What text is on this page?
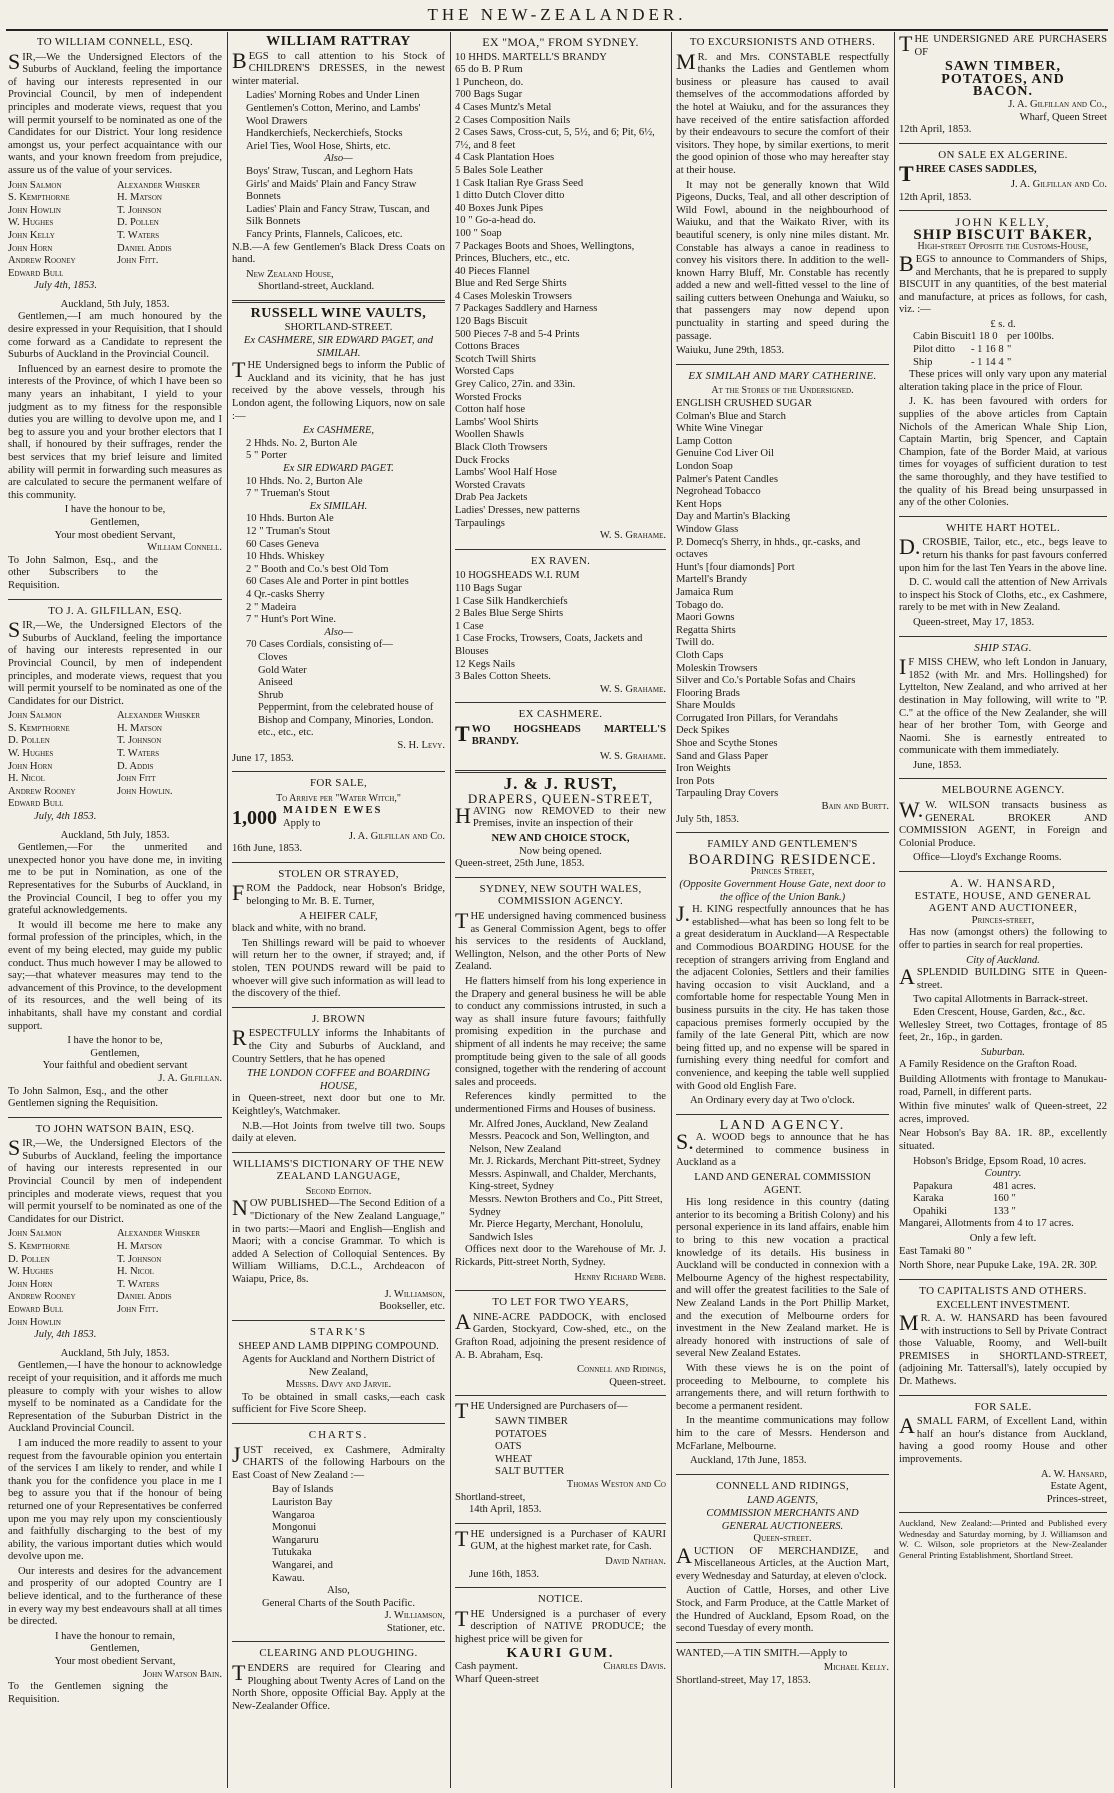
THE NEW-ZEALANDER.
TO WILLIAM CONNELL, ESQ.
SIR,—We the Undersigned Electors of the Suburbs of Auckland, feeling the importance of having our interests represented in our Provincial Council, by men of independent principles and moderate views, request that you will permit yourself to be nominated as one of the Candidates for our District. Your long residence amongst us, your perfect acquaintance with our wants, and your known freedom from prejudice, assure us of the value of your services.
John Salmon	Alexander Whisker
S. Kempthorne	H. Matson
John Howlin	T. Johnson
W. Hughes	D. Pollen
John Kelly	T. Waters
John Horn	Daniel Addis
Andrew Rooney	John Fitt.
Edward Bull
July 4th, 1853.
Auckland, 5th July, 1853.
Gentlemen,—I am much honoured by the desire expressed in your Requisition, that I should come forward as a Candidate to represent the Suburbs of Auckland in the Provincial Council.
Influenced by an earnest desire to promote the interests of the Province, of which I have been so many years an inhabitant, I yield to your judgment as to my fitness for the responsible duties you are willing to devolve upon me, and I beg to assure you and your brother electors that I shall, if honoured by their suffrages, render the best services that my brief leisure and limited ability will permit in forwarding such measures as are calculated to secure the permanent welfare of this community.
I have the honour to be,
Gentlemen,
Your most obedient Servant,
William Connell.
To John Salmon, Esq., and the other Subscribers to the Requisition.
TO J. A. GILFILLAN, ESQ.
SIR,—We, the Undersigned Electors of the Suburbs of Auckland, feeling the importance of having our interests represented in our Provincial Council, by men of independent principles, and moderate views, request that you will permit yourself to be nominated as one of the Candidates for our District.
John Salmon	Alexander Whisker
S. Kempthorne	H. Matson
D. Pollen	T. Johnson
W. Hughes	T. Waters
John Horn	D. Addis
H. Nicol	John Fitt
Andrew Rooney	John Howlin.
Edward Bull
July, 4th 1853.
Auckland, 5th July, 1853.
Gentlemen,—For the unmerited and unexpected honor you have done me, in inviting me to be put in Nomination, as one of the Representatives for the Suburbs of Auckland, in the Provincial Council, I beg to offer you my grateful acknowledgements.
It would ill become me here to make any formal profession of the principles, which, in the event of my being elected, may guide my public conduct. Thus much however I may be allowed to say;—that whatever measures may tend to the advancement of this Province, to the development of its resources, and the well being of its inhabitants, shall have my constant and cordial support.
I have the honor to be,
Gentlemen,
Your faithful and obedient servant
J. A. Gilfillan.
To John Salmon, Esq., and the other Gentlemen signing the Requisition.
TO JOHN WATSON BAIN, ESQ.
SIR,—We, the Undersigned Electors of the Suburbs of Auckland, feeling the importance of having our interests represented in our Provincial Council by men of independent principles and moderate views, request that you will permit yourself to be nominated as one of the Candidates for our District.
John Salmon	Alexander Whisker
S. Kempthorne	H. Matson
D. Pollen	T. Johnson
W. Hughes	H. Nicol
John Horn	T. Waters
Andrew Rooney	Daniel Addis
Edward Bull	John Fitt.
John Howlin
July, 4th 1853.
Auckland, 5th July, 1853.
Gentlemen,—I have the honour to acknowledge receipt of your requisition, and it affords me much pleasure to comply with your wishes to allow myself to be nominated as a Candidate for the Representation of the Suburban District in the Auckland Provincial Council.
I am induced the more readily to assent to your request from the favourable opinion you entertain of the services I am likely to render, and while I thank you for the confidence you place in me I beg to assure you that if the honour of being returned one of your Representatives be conferred upon me you may rely upon my conscientiously and faithfully discharging to the best of my ability, the various important duties which would devolve upon me.
Our interests and desires for the advancement and prosperity of our adopted Country are I believe identical, and to the furtherance of these in every way my best endeavours shall at all times be directed.
I have the honour to remain,
Gentlemen,
Your most obedient Servant,
John Watson Bain.
To the Gentlemen signing the Requisition.
WILLIAM RATTRAY
BEGS to call attention to his Stock of CHILDREN'S DRESSES, in the newest winter material.
Ladies' Morning Robes and Under Linen
Gentlemen's Cotton, Merino, and Lambs' Wool Drawers
Handkerchiefs, Neckerchiefs, Stocks
Ariel Ties, Wool Hose, Shirts, etc.
Also—
Boys' Straw, Tuscan, and Leghorn Hats
Girls' and Maids' Plain and Fancy Straw Bonnets
Ladies' Plain and Fancy Straw, Tuscan, and Silk Bonnets
Fancy Prints, Flannels, Calicoes, etc.
N.B.—A few Gentlemen's Black Dress Coats on hand.
New Zealand House,
Shortland-street, Auckland.
RUSSELL WINE VAULTS,
SHORTLAND-STREET.
Ex CASHMERE, SIR EDWARD PAGET, and SIMILAH.
THE Undersigned begs to inform the Public of Auckland and its vicinity, that he has just received by the above vessels, through his London agent, the following Liquors, now on sale :—
Ex CASHMERE,
2 Hhds. No. 2, Burton Ale
5 " Porter
Ex SIR EDWARD PAGET.
10 Hhds. No. 2, Burton Ale
7 " Trueman's Stout
Ex SIMILAH.
10 Hhds. Burton Ale
12 " Truman's Stout
60 Cases Geneva
10 Hhds. Whiskey
2 " Booth and Co.'s best Old Tom
60 Cases Ale and Porter in pint bottles
4 Qr.-casks Sherry
2 " Madeira
7 " Hunt's Port Wine.
Also—
70 Cases Cordials, consisting of—
Cloves
Gold Water
Aniseed
Shrub
Peppermint, from the celebrated house of Bishop and Company, Minories, London.
etc., etc., etc.
S. H. Levy.
June 17, 1853.
FOR SALE,
To Arrive per "Water Witch,"
1,000 MAIDEN EWES
Apply to
J. A. Gilfillan and Co.
16th June, 1853.
STOLEN OR STRAYED,
FROM the Paddock, near Hobson's Bridge, belonging to Mr. B. E. Turner,
A HEIFER CALF,
black and white, with no brand.
Ten Shillings reward will be paid to whoever will return her to the owner, if strayed; and, if stolen, TEN POUNDS reward will be paid to whoever will give such information as will lead to the discovery of the thief.
J. BROWN
RESPECTFULLY informs the Inhabitants of the City and Suburbs of Auckland, and Country Settlers, that he has opened
THE LONDON COFFEE and BOARDING HOUSE,
in Queen-street, next door but one to Mr. Keightley's, Watchmaker.
N.B.—Hot Joints from twelve till two. Soups daily at eleven.
WILLIAMS'S DICTIONARY OF THE NEW ZEALAND LANGUAGE,
Second Edition.
NOW PUBLISHED—The Second Edition of a "Dictionary of the New Zealand Language," in two parts:—Maori and English—English and Maori; with a concise Grammar. To which is added A Selection of Colloquial Sentences. By William Williams, D.C.L., Archdeacon of Waiapu, Price, 8s.
J. Williamson,
Bookseller, etc.
STARK'S
SHEEP AND LAMB DIPPING COMPOUND.
Agents for Auckland and Northern District of New Zealand,
Messrs. Davy and Jarvie.
To be obtained in small casks,—each cask sufficient for Five Score Sheep.
CHARTS.
JUST received, ex Cashmere, Admiralty CHARTS of the following Harbours on the East Coast of New Zealand :—
Bay of Islands
Lauriston Bay
Wangaroa
Mongonui
Wangaruru
Tutukaka
Wangarei, and
Kawau.
Also,
General Charts of the South Pacific.
J. Williamson,
Stationer, etc.
CLEARING AND PLOUGHING.
TENDERS are required for Clearing and Ploughing about Twenty Acres of Land on the North Shore, opposite Official Bay. Apply at the New-Zealander Office.
EX "MOA," FROM SYDNEY.
10 HHDS. MARTELL'S BRANDY
65 do B. P Rum
1 Puncheon, do.
700 Bags Sugar
4 Cases Muntz's Metal
2 Cases Composition Nails
2 Cases Saws, Cross-cut, 5, 5½, and 6; Pit, 6½, 7½, and 8 feet
4 Cask Plantation Hoes
5 Bales Sole Leather
1 Cask Italian Rye Grass Seed
1 ditto Dutch Clover ditto
40 Boxes Junk Pipes
10 " Go-a-head do.
100 " Soap
7 Packages Boots and Shoes, Wellingtons, Princes, Bluchers, etc., etc.
40 Pieces Flannel
Blue and Red Serge Shirts
4 Cases Moleskin Trowsers
7 Packages Saddlery and Harness
120 Bags Biscuit
500 Pieces 7-8 and 5-4 Prints
Cottons Braces
Scotch Twill Shirts
Worsted Caps
Grey Calico, 27in. and 33in.
Worsted Frocks
Cotton half hose
Lambs' Wool Shirts
Woollen Shawls
Black Cloth Trowsers
Duck Frocks
Lambs' Wool Half Hose
Worsted Cravats
Drab Pea Jackets
Ladies' Dresses, new patterns
Tarpaulings
W. S. Grahame.
EX RAVEN.
10 HOGSHEADS W.I. RUM
110 Bags Sugar
1 Case Silk Handkerchiefs
2 Bales Blue Serge Shirts
1 Case
1 Case Frocks, Trowsers, Coats, Jackets and Blouses
12 Kegs Nails
3 Bales Cotton Sheets.
W. S. Grahame.
EX CASHMERE.
TWO HOGSHEADS MARTELL'S BRANDY.
W. S. Grahame.
J. & J. RUST,
DRAPERS, QUEEN-STREET,
HAVING now REMOVED to their new Premises, invite an inspection of their
NEW AND CHOICE STOCK,
Now being opened.
Queen-street, 25th June, 1853.
SYDNEY, NEW SOUTH WALES, COMMISSION AGENCY.
THE undersigned having commenced business as General Commission Agent, begs to offer his services to the residents of Auckland, Wellington, Nelson, and the other Ports of New Zealand.
He flatters himself from his long experience in the Drapery and general business he will be able to conduct any commissions intrusted, in such a way as shall insure future favours; faithfully promising expedition in the purchase and shipment of all indents he may receive; the same promptitude being given to the sale of all goods consigned, together with the rendering of account sales and proceeds.
References kindly permitted to the undermentioned Firms and Houses of business.
Mr. Alfred Jones, Auckland, New Zealand
Messrs. Peacock and Son, Wellington, and Nelson, New Zealand
Mr. J. Rickards, Merchant Pitt-street, Sydney
Messrs. Aspinwall, and Chalder, Merchants, King-street, Sydney
Messrs. Newton Brothers and Co., Pitt Street, Sydney
Mr. Pierce Hegarty, Merchant, Honolulu, Sandwich Isles
Offices next door to the Warehouse of Mr. J. Rickards, Pitt-street North, Sydney.
Henry Richard Webb.
TO LET FOR TWO YEARS,
ANINE-ACRE PADDOCK, with enclosed Garden, Stockyard, Cow-shed, etc., on the Grafton Road, adjoining the present residence of A. B. Abraham, Esq.
Connell and Ridings,
Queen-street.
THE Undersigned are Purchasers of—
SAWN TIMBER
POTATOES
OATS
WHEAT
SALT BUTTER
Thomas Weston and Co
Shortland-street,
14th April, 1853.
THE undersigned is a Purchaser of KAURI GUM, at the highest market rate, for Cash.
David Nathan.
June 16th, 1853.
NOTICE.
THE Undersigned is a purchaser of every description of NATIVE PRODUCE; the highest price will be given for
KAURI GUM.
Cash payment.	Charles Davis.
Wharf Queen-street
TO EXCURSIONISTS AND OTHERS.
MR. and Mrs. CONSTABLE respectfully thanks the Ladies and Gentlemen whom business or pleasure has caused to avail themselves of the accommodations afforded by the hotel at Waiuku, and for the assurances they have received of the entire satisfaction afforded by their endeavours to secure the comfort of their visitors. They hope, by similar exertions, to merit the good opinion of those who may hereafter stay at their house.
It may not be generally known that Wild Pigeons, Ducks, Teal, and all other description of Wild Fowl, abound in the neighbourhood of Waiuku, and that the Waikato River, with its beautiful scenery, is only nine miles distant. Mr. Constable has always a canoe in readiness to convey his visitors there. In addition to the well-known Harry Bluff, Mr. Constable has recently added a new and well-fitted vessel to the line of sailing cutters between Onehunga and Waiuku, so that passengers may now depend upon punctuality in starting and speed during the passage.
Waiuku, June 29th, 1853.
EX SIMILAH AND MARY CATHERINE.
At the Stores of the Undersigned.
ENGLISH CRUSHED SUGAR
Colman's Blue and Starch
White Wine Vinegar
Lamp Cotton
Genuine Cod Liver Oil
London Soap
Palmer's Patent Candles
Negrohead Tobacco
Kent Hops
Day and Martin's Blacking
Window Glass
P. Domecq's Sherry, in hhds., qr.-casks, and octaves
Hunt's [four diamonds] Port
Martell's Brandy
Jamaica Rum
Tobago do.
Maori Gowns
Regatta Shirts
Twill do.
Cloth Caps
Moleskin Trowsers
Silver and Co.'s Portable Sofas and Chairs
Flooring Brads
Share Moulds
Corrugated Iron Pillars, for Verandahs
Deck Spikes
Shoe and Scythe Stones
Sand and Glass Paper
Iron Weights
Iron Pots
Tarpauling Dray Covers
Bain and Burtt.
July 5th, 1853.
FAMILY AND GENTLEMEN'S
BOARDING RESIDENCE.
Princes Street,
(Opposite Government House Gate, next door to the office of the Union Bank.)
J.H. KING respectfully announces that he has established—what has been so long felt to be a great desideratum in Auckland—A Respectable and Commodious BOARDING HOUSE for the reception of strangers arriving from England and the adjacent Colonies, Settlers and their families having occasion to visit Auckland, and a comfortable home for respectable Young Men in business pursuits in the city. He has taken those capacious premises formerly occupied by the family of the late General Pitt, which are now being fitted up, and no expense will be spared in furnishing every thing needful for comfort and convenience, and keeping the table well supplied with Good old English Fare.
An Ordinary every day at Two o'clock.
LAND AGENCY.
S.A. WOOD begs to announce that he has determined to commence business in Auckland as a
LAND AND GENERAL COMMISSION AGENT.
His long residence in this country (dating anterior to its becoming a British Colony) and his personal experience in its land affairs, enable him to bring to this new vocation a practical knowledge of its details. His business in Auckland will be conducted in connexion with a Melbourne Agency of the highest respectability, and will offer the greatest facilities to the Sale of New Zealand Lands in the Port Phillip Market, and the execution of Melbourne orders for investment in the New Zealand market. He is already honored with instructions of sale of several New Zealand Estates.
With these views he is on the point of proceeding to Melbourne, to complete his arrangements there, and will return forthwith to become a permanent resident.
In the meantime communications may follow him to the care of Messrs. Henderson and McFarlane, Melbourne.
Auckland, 17th June, 1853.
CONNELL AND RIDINGS,
LAND AGENTS,
COMMISSION MERCHANTS AND
GENERAL AUCTIONEERS.
Queen-street.
AUCTION OF MERCHANDIZE, and Miscellaneous Articles, at the Auction Mart, every Wednesday and Saturday, at eleven o'clock.
Auction of Cattle, Horses, and other Live Stock, and Farm Produce, at the Cattle Market of the Hundred of Auckland, Epsom Road, on the second Tuesday of every month.
WANTED,—A TIN SMITH.—Apply to
Michael Kelly.
Shortland-street, May 17, 1853.
THE UNDERSIGNED ARE PURCHASERS OF
SAWN TIMBER,
POTATOES, AND
BACON.
J. A. Gilfillan and Co.,
Wharf, Queen Street
12th April, 1853.
ON SALE EX ALGERINE.
THREE CASES SADDLES,
J. A. Gilfillan and Co.
12th April, 1853.
JOHN KELLY,
SHIP BISCUIT BAKER,
High-street Opposite the Customs-House,
BEGS to announce to Commanders of Ships, and Merchants, that he is prepared to supply BISCUIT in any quantities, of the best material and manufacture, at prices as follows, for cash, viz. :—
£ s. d.
Cabin Biscuit 1 18 0 per 100lbs.
Pilot ditto	- 1 16 8 "
Ship	- 1 14 4 "
These prices will only vary upon any material alteration taking place in the price of Flour.
J. K. has been favoured with orders for supplies of the above articles from Captain Nichols of the American Whale Ship Lion, Captain Martin, brig Spencer, and Captain Champion, fate of the Border Maid, at various times for voyages of sufficient duration to test the same thoroughly, and they have testified to the quality of his Bread being unsurpassed in any of the other Colonies.
WHITE HART HOTEL.
D.CROSBIE, Tailor, etc., etc., begs leave to return his thanks for past favours conferred upon him for the last Ten Years in the above line.
D. C. would call the attention of New Arrivals to inspect his Stock of Cloths, etc., ex Cashmere, rarely to be met with in New Zealand.
Queen-street, May 17, 1853.
SHIP STAG.
IF MISS CHEW, who left London in January, 1852 (with Mr. and Mrs. Hollingshed) for Lyttelton, New Zealand, and who arrived at her destination in May following, will write to "P. C." at the office of the New Zealander, she will hear of her brother Tom, with George and Naomi. She is earnestly entreated to communicate with them immediately.
June, 1853.
MELBOURNE AGENCY.
W.W. WILSON transacts business as GENERAL BROKER AND COMMISSION AGENT, in Foreign and Colonial Produce.
Office—Lloyd's Exchange Rooms.
A. W. HANSARD,
ESTATE, HOUSE, AND GENERAL AGENT AND AUCTIONEER,
Princes-street,
Has now (amongst others) the following to offer to parties in search for real properties.
City of Auckland.
ASPLENDID BUILDING SITE in Queen-street.
Two capital Allotments in Barrack-street.
Eden Crescent, House, Garden, &c., &c.
Wellesley Street, two Cottages, frontage of 85 feet, 2r., 16p., in garden.
Suburban.
A Family Residence on the Grafton Road.
Building Allotments with frontage to Manukau-road, Parnell, in different parts.
Within five minutes' walk of Queen-street, 22 acres, improved.
Near Hobson's Bay 8A. 1R. 8P., excellently situated.
Hobson's Bridge, Epsom Road, 10 acres.
Country.
Papakura	481 acres.
Karaka	160 "
Opahiki	133 "
Mangarei, Allotments from 4 to 17 acres.
Only a few left.
East Tamaki 80 "
North Shore, near Pupuke Lake, 19A. 2R. 30P.
TO CAPITALISTS AND OTHERS.
EXCELLENT INVESTMENT.
MR. A. W. HANSARD has been favoured with instructions to Sell by Private Contract those Valuable, Roomy, and Well-built PREMISES in SHORTLAND-STREET, (adjoining Mr. Tattersall's), lately occupied by Dr. Mathews.
FOR SALE.
ASMALL FARM, of Excellent Land, within half an hour's distance from Auckland, having a good roomy House and other improvements.
A. W. Hansard,
Estate Agent,
Princes-street,
Auckland, New Zealand:—Printed and Published every Wednesday and Saturday morning, by J. Williamson and W. C. Wilson, sole proprietors at the New-Zealander General Printing Establishment, Shortland Street.
